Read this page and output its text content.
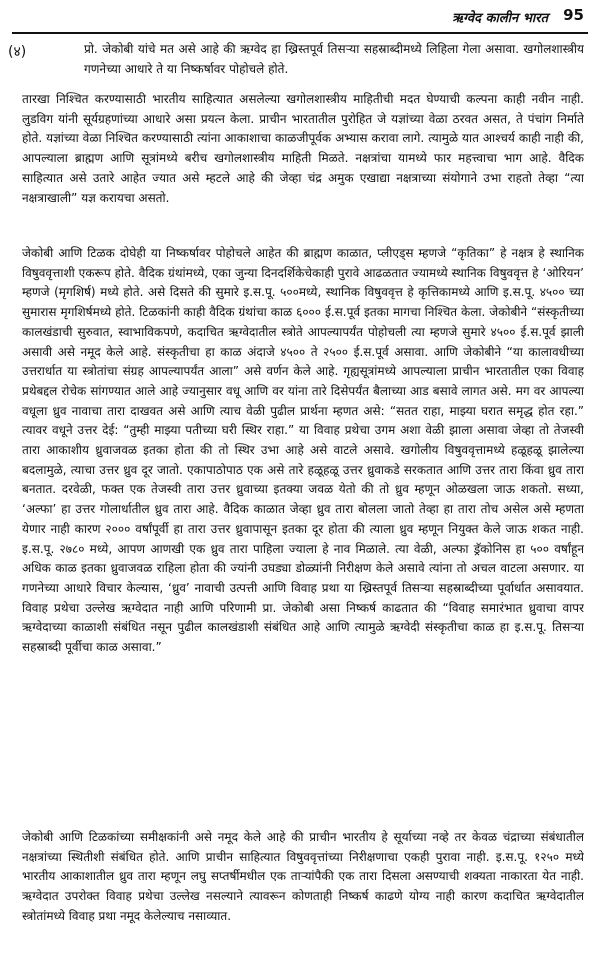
ऋग्वेद कालीन भारत 95
(४)	प्रो. जेकोबी यांचे मत असे आहे की ऋग्वेद हा ख्रिस्तपूर्व तिसऱ्या सहस्राब्दीमध्ये लिहिला गेला असावा. खगोलशास्त्रीय गणनेच्या आधारे ते या निष्कर्षावर पोहोचले होते.

तारखा निश्चित करण्यासाठी भारतीय साहित्यात असलेल्या खगोलशास्त्रीय माहितीची मदत घेण्याची कल्पना काही नवीन नाही. लुडविग यांनी सूर्यग्रहणांच्या आधारे असा प्रयत्न केला. प्राचीन भारतातील पुरोहित जे यज्ञांच्या वेळा ठरवत असत, ते पंचांग निर्माते होते. यज्ञांच्या वेळा निश्चित करण्यासाठी त्यांना आकाशाचा काळजीपूर्वक अभ्यास करावा लागे. त्यामुळे यात आश्चर्य काही नाही की, आपल्याला ब्राह्मण आणि सूत्रांमध्ये बरीच खगोलशास्त्रीय माहिती मिळते. नक्षत्रांचा यामध्ये फार महत्त्वाचा भाग आहे. वैदिक साहित्यात असे उतारे आहेत ज्यात असे म्हटले आहे की जेव्हा चंद्र अमुक एखाद्या नक्षत्राच्या संयोगाने उभा राहतो तेव्हा “त्या नक्षत्राखाली” यज्ञ करायचा असतो.

जेकोबी आणि टिळक दोघेही या निष्कर्षावर पोहोचले आहेत की ब्राह्मण काळात, प्लीएड्स म्हणजे “कृतिका” हे नक्षत्र हे स्थानिक विषुववृत्ताशी एकरूप होते. वैदिक ग्रंथांमध्ये, एका जुन्या दिनदर्शिकेचेकाही पुरावे आढळतात ज्यामध्ये स्थानिक विषुववृत्त हे ‘ओरियन’ म्हणजे (मृगशिर्ष) मध्ये होते. असे दिसते की सुमारे इ.स.पू. ५००मध्ये, स्थानिक विषुववृत्त हे कृत्तिकामध्ये आणि इ.स.पू. ४५०० च्या सुमारास मृगशिर्षमध्ये होते. टिळकांनी काही वैदिक ग्रंथांचा काळ ६००० ई.स.पूर्व इतका मागचा निश्चित केला. जेकोबीने “संस्कृतीच्या कालखंडाची सुरुवात, स्वाभाविकपणे, कदाचित ऋग्वेदातील स्त्रोते आपल्यापर्यंत पोहोचली त्या म्हणजे सुमारे ४५०० ई.स.पूर्व झाली असावी असे नमूद केले आहे. संस्कृतीचा हा काळ अंदाजे ४५०० ते २५०० ई.स.पूर्व असावा. आणि जेकोबीने “या कालावधीच्या उत्तरार्धात या स्त्रोतांचा संग्रह आपल्यापर्यंत आला” असे वर्णन केले आहे. गृह्यसूत्रांमध्ये आपल्याला प्राचीन भारतातील एका विवाह प्रथेबद्दल रोचेक सांगण्यात आले आहे ज्यानुसार वधू आणि वर यांना तारे दिसेपर्यंत बैलाच्या आड बसावे लागत असे. मग वर आपल्या वधूला ध्रुव नावाचा तारा दाखवत असे आणि त्याच वेळी पुढील प्रार्थना म्हणत असे: “सतत राहा, माझ्या घरात समृद्ध होत रहा.” त्यावर वधूने उत्तर देई: “तुम्ही माझ्या पतीच्या घरी स्थिर राहा.” या विवाह प्रथेचा उगम अशा वेळी झाला असावा जेव्हा तो तेजस्वी तारा आकाशीय ध्रुवाजवळ इतका होता की तो स्थिर उभा आहे असे वाटले असावे. खगोलीय विषुववृत्तामध्ये हळूहळू झालेल्या बदलामुळे, त्याचा उत्तर ध्रुव दूर जातो. एकापाठोपाठ एक असे तारे हळूहळू उत्तर ध्रुवाकडे सरकतात आणि उत्तर तारा किंवा ध्रुव तारा बनतात. दरवेळी, फक्त एक तेजस्वी तारा उत्तर ध्रुवाच्या इतक्या जवळ येतो की तो ध्रुव म्हणून ओळखला जाऊ शकतो. सध्या, ‘अल्फा’ हा उत्तर गोलार्धातील ध्रुव तारा आहे. वैदिक काळात जेव्हा ध्रुव तारा बोलला जातो तेव्हा हा तारा तोच असेल असे म्हणता येणार नाही कारण २००० वर्षांपूर्वी हा तारा उत्तर ध्रुवापासून इतका दूर होता की त्याला ध्रुव म्हणून नियुक्त केले जाऊ शकत नाही. इ.स.पू. २७८० मध्ये, आपण आणखी एक ध्रुव तारा पाहिला ज्याला हे नाव मिळाले. त्या वेळी, अल्फा ड्रॅकोनिस हा ५०० वर्षांहून अधिक काळ इतका ध्रुवाजवळ राहिला होता की ज्यांनी उघड्या डोळ्यांनी निरीक्षण केले असावे त्यांना तो अचल वाटला असणार. या गणनेच्या आधारे विचार केल्यास, ‘ध्रुव’ नावाची उत्पत्ती आणि विवाह प्रथा या ख्रिस्तपूर्व तिसऱ्या सहस्राब्दीच्या पूर्वार्धात असावयात. विवाह प्रथेचा उल्लेख ऋग्वेदात नाही आणि परिणामी प्रा. जेकोबी असा निष्कर्ष काढतात की “विवाह समारंभात ध्रुवाचा वापर ऋग्वेदाच्या काळाशी संबंधित नसून पुढील कालखंडाशी संबंधित आहे आणि त्यामुळे ऋग्वेदी संस्कृतीचा काळ हा इ.स.पू. तिसऱ्या सहस्राब्दी पूर्वीचा काळ असावा.”

जेकोबी आणि टिळकांच्या समीक्षकांनी असे नमूद केले आहे की प्राचीन भारतीय हे सूर्याच्या नव्हे तर केवळ चंद्राच्या संबंधातील नक्षत्रांच्या स्थितीशी संबंधित होते. आणि प्राचीन साहित्यात विषुववृत्तांच्या निरीक्षणाचा एकही पुरावा नाही. इ.स.पू. १२५० मध्ये भारतीय आकाशातील ध्रुव तारा म्हणून लघु सप्तर्षीमधील एक ताऱ्यांपैकी एक तारा दिसला असण्याची शक्यता नाकारता येत नाही. ऋग्वेदात उपरोक्त विवाह प्रथेचा उल्लेख नसल्याने त्यावरून कोणताही निष्कर्ष काढणे योग्य नाही कारण कदाचित ऋग्वेदातील स्त्रोतांमध्ये विवाह प्रथा नमूद केलेल्याच नसाव्यात.
